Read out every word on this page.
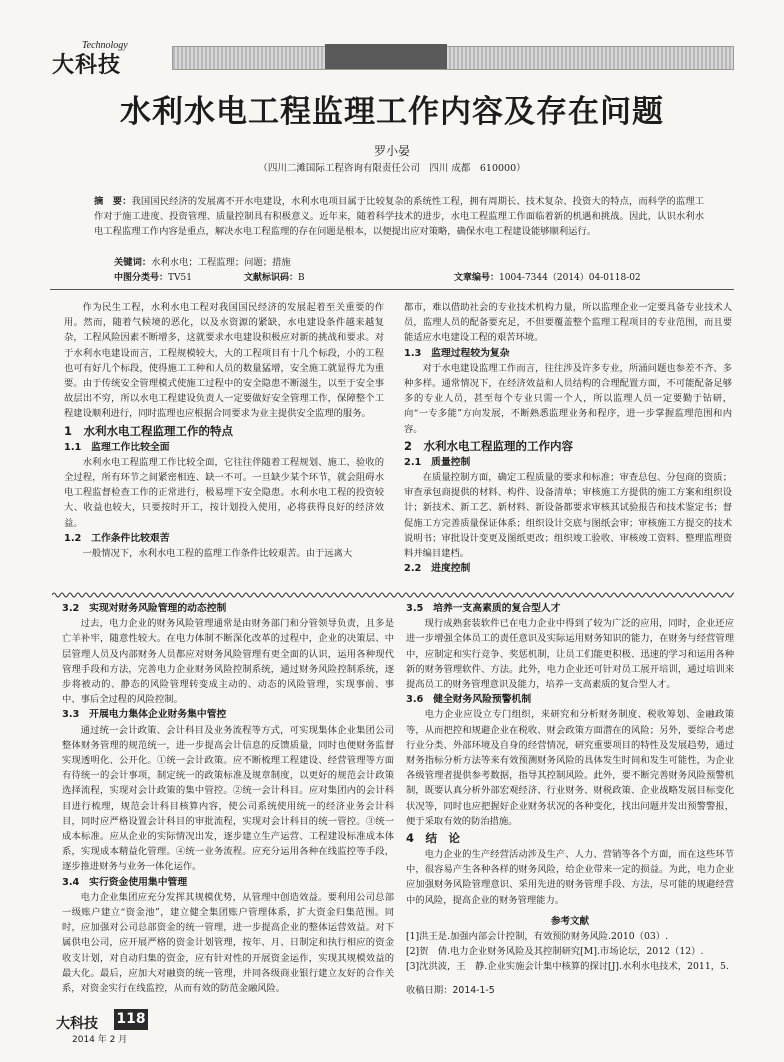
Technology
大科技
水利水电工程监理工作内容及存在问题
罗小晏
（四川二滩国际工程咨询有限责任公司　四川 成都　610000）
摘　要：我国国民经济的发展离不开水电建设，水利水电项目属于比较复杂的系统性工程，拥有周期长、技术复杂、投资大的特点，而科学的监理工作对于施工进度、投资管理、质量控制具有积极意义。近年来，随着科学技术的进步，水电工程监理工作面临着新的机遇和挑战。因此，认识水利水电工程监理工作内容是重点，解决水电工程监理的存在问题是根本，以便提出应对策略，确保水电工程建设能够顺利运行。
关键词：水利水电；工程监理；问题；措施
中图分类号：TV51	文献标识码：B	文章编号：1004-7344（2014）04-0118-02

作为民生工程，水利水电工程对我国国民经济的发展起着至关重要的作用。然而，随着气候境的恶化，以及水资源的紧缺，水电建设条件越来越复杂，工程风险因素不断增多，这就要求水电建设积极应对新的挑战和要求。对于水利水电建设而言，工程规模较大，大的工程项目有十几个标段，小的工程也可有好几个标段，使得施工工种和人员的数量猛增，安全施工就显得尤为重要。由于传统安全管理模式使施工过程中的安全隐患不断滋生，以至于安全事故层出不穷，所以水电工程建设负责人一定要做好安全管理工作，保障整个工程建设顺利进行，同时监理也应根据合同要求为业主提供安全监理的服务。

1　水利水电工程监理工作的特点
1.1　监理工作比较全面

水利水电工程监理工作比较全面，它往往伴随着工程规划、施工、验收的全过程，所有环节之间紧密相连、缺一不可。一旦缺少某个环节，就会阻碍水电工程监督检查工作的正常进行，极易埋下安全隐患。水利水电工程的投资较大、收益也较大，只要按时开工，按计划投入使用，必将获得良好的经济效益。

1.2　工作条件比较艰苦

一般情况下，水利水电工程的监理工作条件比较艰苦。由于远离大

都市，难以借助社会的专业技术机构力量，所以监理企业一定要具备专业技术人员，监理人员的配备要充足，不但要覆盖整个监理工程项目的专业范围，而且要能适应水电建设工程的艰苦环境。

1.3　监理过程较为复杂

对于水电建设监理工作而言，往往涉及许多专业，所涌问题也参差不齐、多种多样。通常情况下，在经济效益和人员结构的合理配置方面，不可能配备足够多的专业人员，甚至每个专业只需一个人，所以监理人员一定要勤于钻研，向“一专多能”方向发展，不断熟悉监理业务和程序，进一步掌握监理范围和内容。

2　水利水电工程监理的工作内容
2.1　质量控制

在质量控制方面，确定工程质量的要求和标准；审查总包、分包商的资质；审查承包商提供的材料、构件、设备清单；审核施工方提供的施工方案和组织设计；新技术、新工艺、新材料、新设备都要求审核其试验报告和技术鉴定书；督促施工方完善质量保证体系；组织设计交底与图纸会审；审核施工方提交的技术说明书；审批设计变更及图纸更改；组织竣工验收、审核竣工资料、整理监理资料并编目建档。

2.2　进度控制
3.2　实现对财务风险管理的动态控制

过去，电力企业的财务风险管理通常是由财务部门和分管领导负责，且多是亡羊补牢，随意性较大。在电力体制不断深化改革的过程中，企业的决策层、中层管理人员及内部财务人员都应对财务风险管理有更全面的认识，运用各种现代管理手段和方法，完善电力企业财务风险控制系统，通过财务风险控制系统，逐步将被动的、静态的风险管理转变成主动的、动态的风险管理，实现事前、事中、事后全过程的风险控制。

3.3　开展电力集体企业财务集中管控

通过统一会计政策、会计科目及业务流程等方式，可实现集体企业集团公司整体财务管理的规范统一，进一步提高会计信息的反馈质量，同时也便财务监督实现透明化、公开化。①统一会计政策。应不断梳理工程建设、经营管理等方面有待统一的会计事项，制定统一的政策标准及规章制度，以更好的规范会计政策选择流程，实现对会计政策的集中管控。②统一会计科目。应对集团内的会计科目进行梳理，规范会计科目核算内容，使公司系统使用统一的经济业务会计科目，同时应严格设置会计科目的审批流程，实现对会计科目的统一管控。③统一成本标准。应从企业的实际情况出发，逐步建立生产运营、工程建设标准成本体系，实现成本精益化管理。④统一业务流程。应充分运用各种在线监控等手段，逐步推进财务与业务一体化运作。

3.4　实行资金使用集中管理

电力企业集团应充分发挥其规模优势，从管理中创造效益。要利用公司总部一级账户建立“资金池”，建立健全集团账户管理体系，扩大资金归集范围。同时，应加强对公司总部资金的统一管理，进一步提高企业的整体运营效益。对下属供电公司，应开展严格的资金计划管理，按年、月、日制定和执行相应的资金收支计划，对自动归集的资金，应有针对性的开展资金运作，实现其规模效益的最大化。最后，应加大对融资的统一管理，并同各级商业银行建立友好的合作关系，对资金实行在线监控，从而有效的防范金融风险。

3.5　培养一支高素质的复合型人才

现行成熟套装软件已在电力企业中得到了较为广泛的应用，同时，企业还应进一步增强全体员工的责任意识及实际运用财务知识的能力，在财务与经营管理中，应制定和实行竞争、奖惩机制，让员工们能更积极、迅速的学习和运用各种新的财务管理软件、方法。此外，电力企业还可针对员工展开培训，通过培训来提高员工的财务管理意识及能力，培养一支高素质的复合型人才。

3.6　健全财务风险预警机制

电力企业应设立专门组织，来研究和分析财务制度、税收筹划、金融政策等，从而把控和规避企业在税收、财会政策方面潜在的风险；另外，要综合考虑行业分类、外部环境及自身的经营情况，研究重要项目的特性及发展趋势，通过财务指标分析方法等来有效预测财务风险的具体发生时间和发生可能性，为企业各级管理者提供参考数据，指导其控制风险。此外，要不断完善财务风险预警机制，既要认真分析外部宏观经济、行业财务、财税政策、企业战略发展目标变化状况等，同时也应把握好企业财务状况的各种变化，找出问题并发出预警警报，便于采取有效的防治措施。

4　结　论

电力企业的生产经营活动涉及生产、人力、营销等各个方面，而在这些环节中，很容易产生各种各样的财务风险，给企业带来一定的损益。为此，电力企业应加强财务风险管理意识、采用先进的财务管理手段、方法，尽可能的规避经营中的风险，提高企业的财务管理能力。

参考文献

[1]洪王是.加强内部会计控制，有效预防财务风险.2010（03）.

[2]贺　倩.电力企业财务风险及其控制研究[M].市场论坛，2012（12）.

[3]沈洪波，王　静.企业实施会计集中核算的探讨[J].水利水电技术，2011，5.

收稿日期：2014-1-5

大科技 118
2014 年 2 月
